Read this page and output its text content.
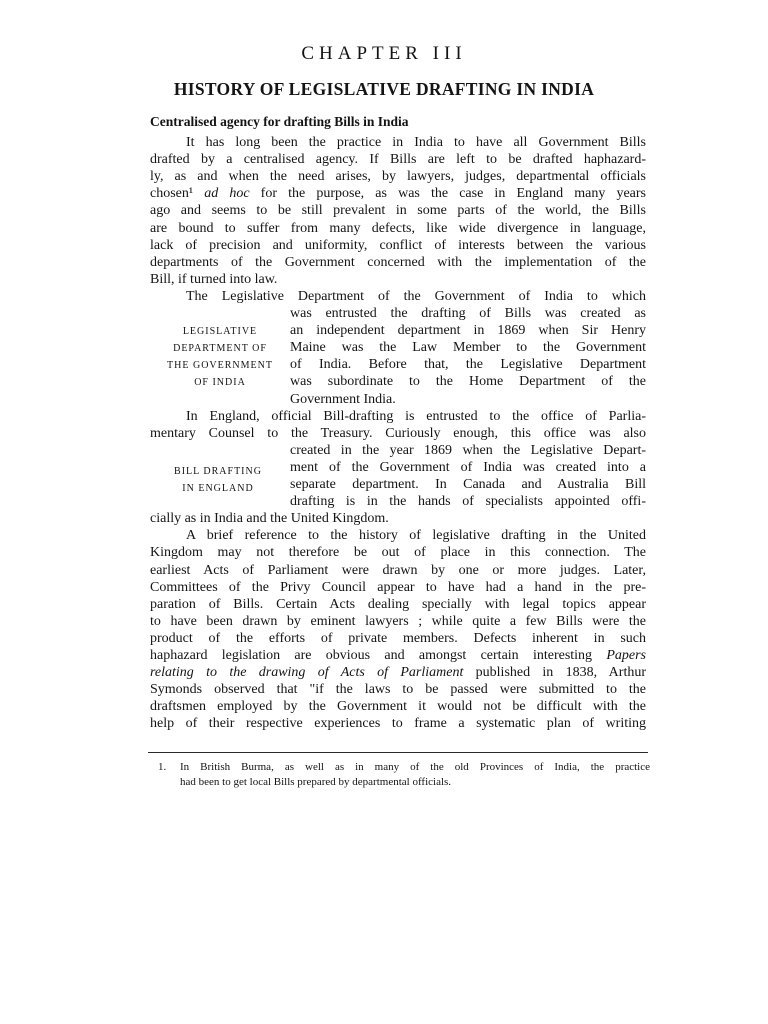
CHAPTER III
HISTORY OF LEGISLATIVE DRAFTING IN INDIA
Centralised agency for drafting Bills in India
It has long been the practice in India to have all Government Bills
drafted by a centralised agency. If Bills are left to be drafted haphazard-
ly, as and when the need arises, by lawyers, judges, departmental officials
chosen¹ ad hoc for the purpose, as was the case in England many years
ago and seems to be still prevalent in some parts of the world, the Bills
are bound to suffer from many defects, like wide divergence in language,
lack of precision and uniformity, conflict of interests between the various
departments of the Government concerned with the implementation of the
Bill, if turned into law.
The Legislative Department of the Government of India to which
was entrusted the drafting of Bills was created as
an independent department in 1869 when Sir Henry
Maine was the Law Member to the Government
of India. Before that, the Legislative Department
was subordinate to the Home Department of the
Government India.
In England, official Bill-drafting is entrusted to the office of Parlia-
mentary Counsel to the Treasury. Curiously enough, this office was also
created in the year 1869 when the Legislative Depart-
ment of the Government of India was created into a
separate department. In Canada and Australia Bill
drafting is in the hands of specialists appointed offi-
cially as in India and the United Kingdom.
A brief reference to the history of legislative drafting in the United
Kingdom may not therefore be out of place in this connection. The
earliest Acts of Parliament were drawn by one or more judges. Later,
Committees of the Privy Council appear to have had a hand in the pre-
paration of Bills. Certain Acts dealing specially with legal topics appear
to have been drawn by eminent lawyers ; while quite a few Bills were the
product of the efforts of private members. Defects inherent in such
haphazard legislation are obvious and amongst certain interesting Papers
relating to the drawing of Acts of Parliament published in 1838, Arthur
Symonds observed that "if the laws to be passed were submitted to the
draftsmen employed by the Government it would not be difficult with the
help of their respective experiences to frame a systematic plan of writing
LEGISLATIVE
DEPARTMENT OF
THE GOVERNMENT
OF INDIA
BILL DRAFTING
IN ENGLAND
1. In British Burma, as well as in many of the old Provinces of India, the practice
had been to get local Bills prepared by departmental officials.
